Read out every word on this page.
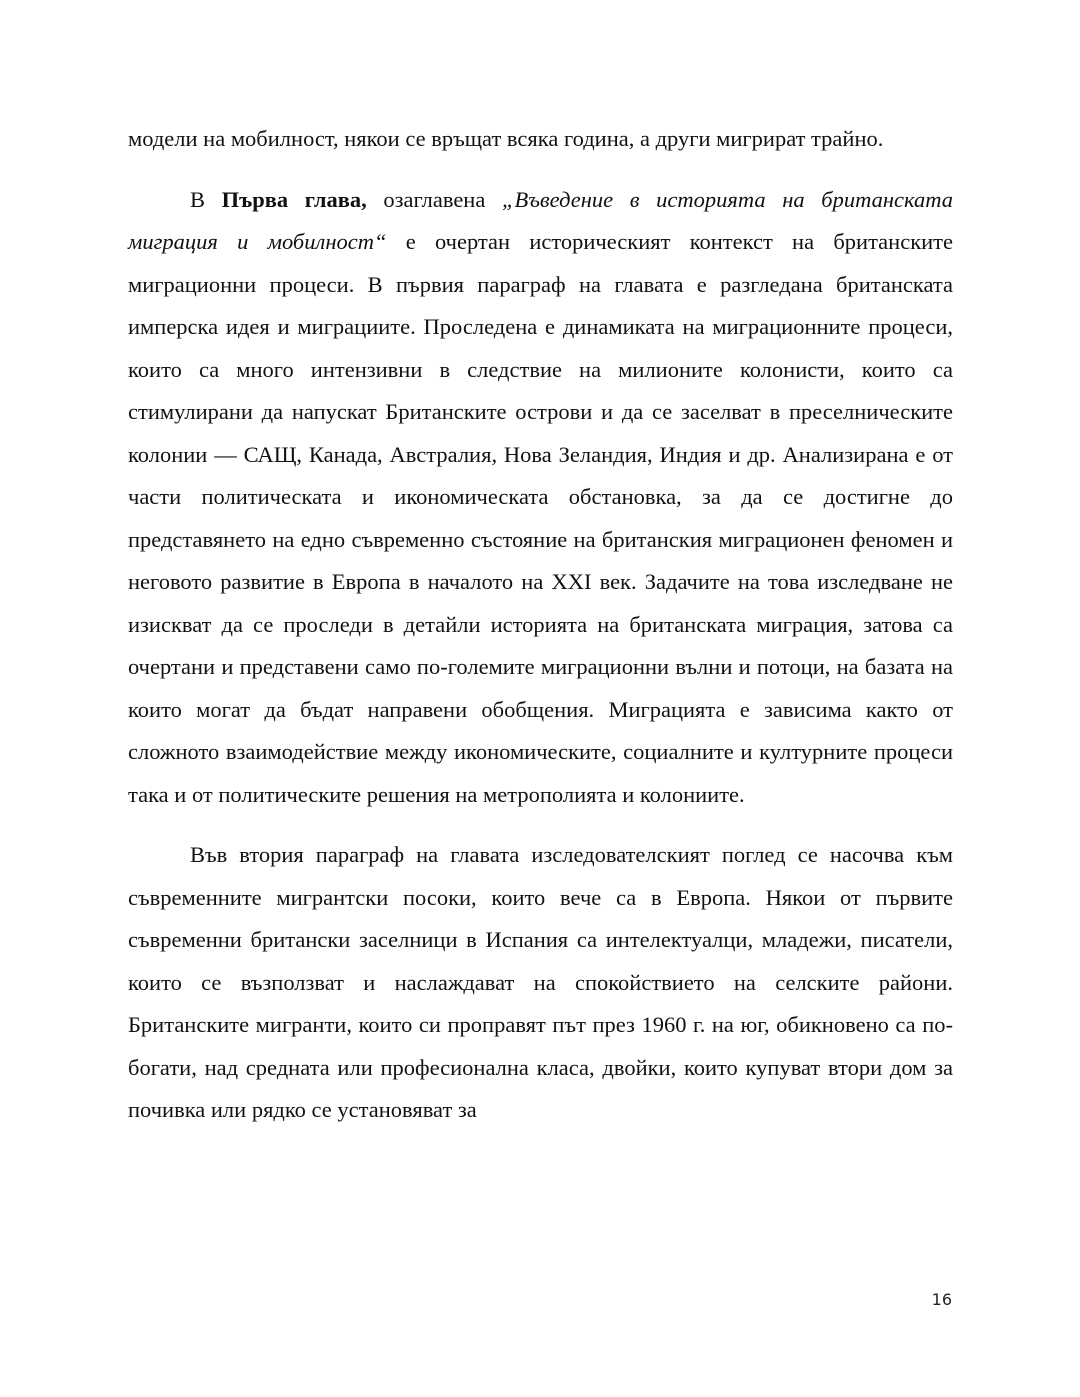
модели на мобилност, някои се връщат всяка година, а други мигрират трайно.

В Първа глава, озаглавена „Въведение в историята на британската миграция и мобилност“ е очертан историческият контекст на британските миграционни процеси. В първия параграф на главата е разгледана британската имперска идея и миграциите. Проследена е динамиката на миграционните процеси, които са много интензивни в следствие на милионите колонисти, които са стимулирани да напускат Британските острови и да се заселват в преселническите колонии — САЩ, Канада, Австралия, Нова Зеландия, Индия и др. Анализирана е от части политическата и икономическата обстановка, за да се достигне до представянето на едно съвременно състояние на британския миграционен феномен и неговото развитие в Европа в началото на XXI век. Задачите на това изследване не изискват да се проследи в детайли историята на британската миграция, затова са очертани и представени само по-големите миграционни вълни и потоци, на базата на които могат да бъдат направени обобщения. Миграцията е зависима както от сложното взаимодействие между икономическите, социалните и културните процеси така и от политическите решения на метрополията и колониите.

Във втория параграф на главата изследователският поглед се насочва към съвременните мигрантски посоки, които вече са в Европа. Някои от първите съвременни британски заселници в Испания са интелектуалци, младежи, писатели, които се възползват и наслаждават на спокойствието на селските райони. Британските мигранти, които си проправят път през 1960 г. на юг, обикновено са по-богати, над средната или професионална класа, двойки, които купуват втори дом за почивка или рядко се установяват за

16
